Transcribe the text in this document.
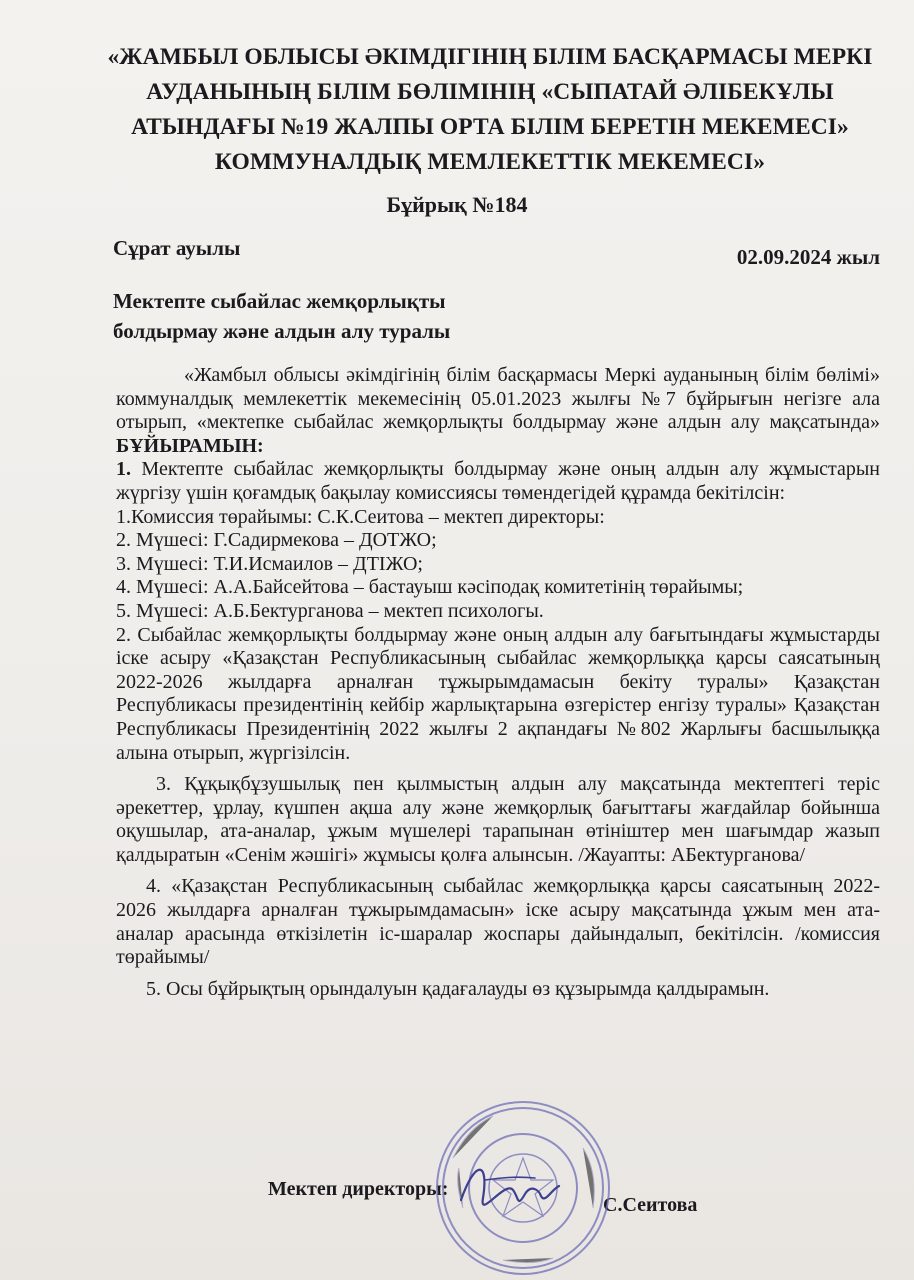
«ЖАМБЫЛ ОБЛЫСЫ ӘКІМДІГІНІҢ БІЛІМ БАСҚАРМАСЫ МЕРКІ
АУДАНЫНЫҢ БІЛІМ БӨЛІМІНІҢ «СЫПАТАЙ ӘЛІБЕКҰЛЫ
АТЫНДАҒЫ №19 ЖАЛПЫ ОРТА БІЛІМ БЕРЕТІН МЕКЕМЕСІ»
КОММУНАЛДЫҚ МЕМЛЕКЕТТІК МЕКЕМЕСІ»
Бұйрық №184
Сұрат ауылы	02.09.2024 жыл
Мектепте сыбайлас жемқорлықты
болдырмау және алдын алу туралы

«Жамбыл облысы әкімдігінің білім басқармасы Меркі ауданының білім бөлімі» коммуналдық мемлекеттік мекемесінің 05.01.2023 жылғы №7 бұйрығын негізге ала отырып, «мектепке сыбайлас жемқорлықты болдырмау және алдын алу мақсатында» БҰЙЫРАМЫН:

1. Мектепте сыбайлас жемқорлықты болдырмау және оның алдын алу жұмыстарын жүргізу үшін қоғамдық бақылау комиссиясы төмендегідей құрамда бекітілсін:

1.Комиссия төрайымы: С.К.Сеитова – мектеп директоры:

2. Мүшесі: Г.Садирмекова – ДОТЖО;

3. Мүшесі: Т.И.Исмаилов – ДТІЖО;

4. Мүшесі: А.А.Байсейтова – бастауыш кәсіподақ комитетінің төрайымы;

5. Мүшесі: А.Б.Бектурганова – мектеп психологы.

2. Сыбайлас жемқорлықты болдырмау және оның алдын алу бағытындағы жұмыстарды іске асыру «Қазақстан Республикасының сыбайлас жемқорлыққа қарсы саясатының 2022-2026 жылдарға арналған тұжырымдамасын бекіту туралы» Қазақстан Республикасы президентінің кейбір жарлықтарына өзгерістер енгізу туралы» Қазақстан Республикасы Президентінің 2022 жылғы 2 ақпандағы №802 Жарлығы басшылыққа алына отырып, жүргізілсін.

3. Құқықбұзушылық пен қылмыстың алдын алу мақсатында мектептегі теріс әрекеттер, ұрлау, күшпен ақша алу және жемқорлық бағыттағы жағдайлар бойынша оқушылар, ата-аналар, ұжым мүшелері тарапынан өтініштер мен шағымдар жазып қалдыратын «Сенім жәшігі» жұмысы қолға алынсын. /Жауапты: АБектурганова/

4. «Қазақстан Республикасының сыбайлас жемқорлыққа қарсы саясатының 2022-2026 жылдарға арналған тұжырымдамасын» іске асыру мақсатында ұжым мен ата-аналар арасында өткізілетін іс-шаралар жоспары дайындалып, бекітілсін. /комиссия төрайымы/

5. Осы бұйрықтың орындалуын қадағалауды өз құзырымда қалдырамын.

Мектеп директоры:
С.Сеитова
